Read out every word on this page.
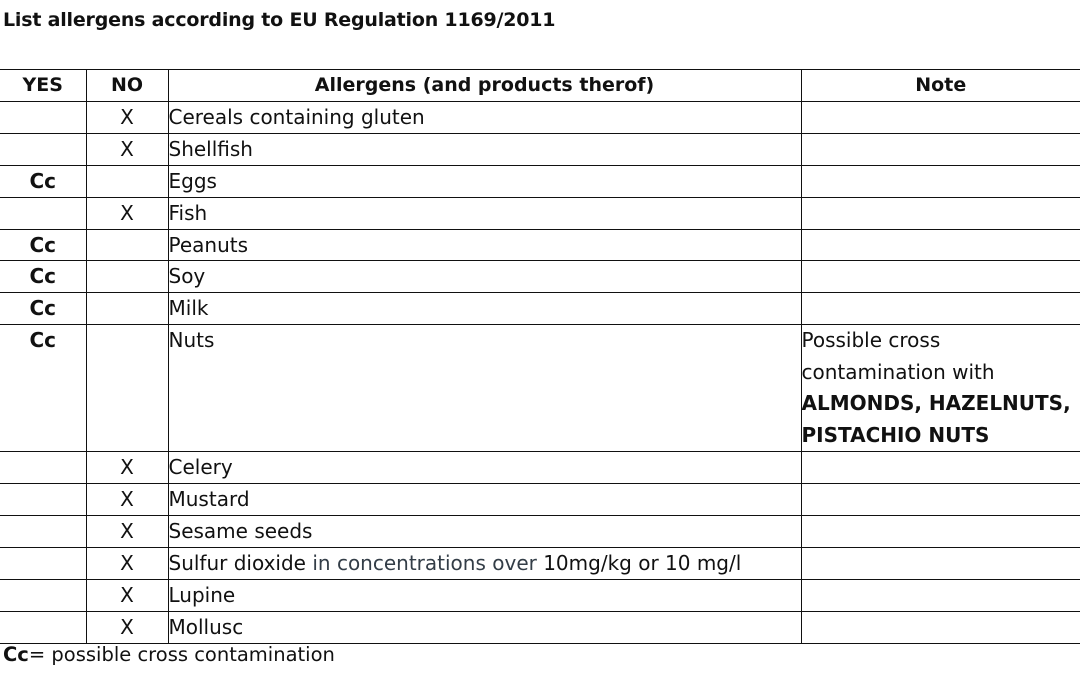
List allergens according to EU Regulation 1169/2011
YES	NO	Allergens (and products therof)	Note
	X	Cereals containing gluten	
	X	Shellfish	
Cc		Eggs	
	X	Fish	
Cc		Peanuts	
Cc		Soy	
Cc		Milk	
Cc		Nuts	Possible cross
contamination with
ALMONDS, HAZELNUTS,
PISTACHIO NUTS

	X	Celery	
	X	Mustard	
	X	Sesame seeds	
	X	Sulfur dioxide in concentrations over 10mg/kg or 10 mg/l	
	X	Lupine	
	X	Mollusc	
Cc= possible cross contamination
